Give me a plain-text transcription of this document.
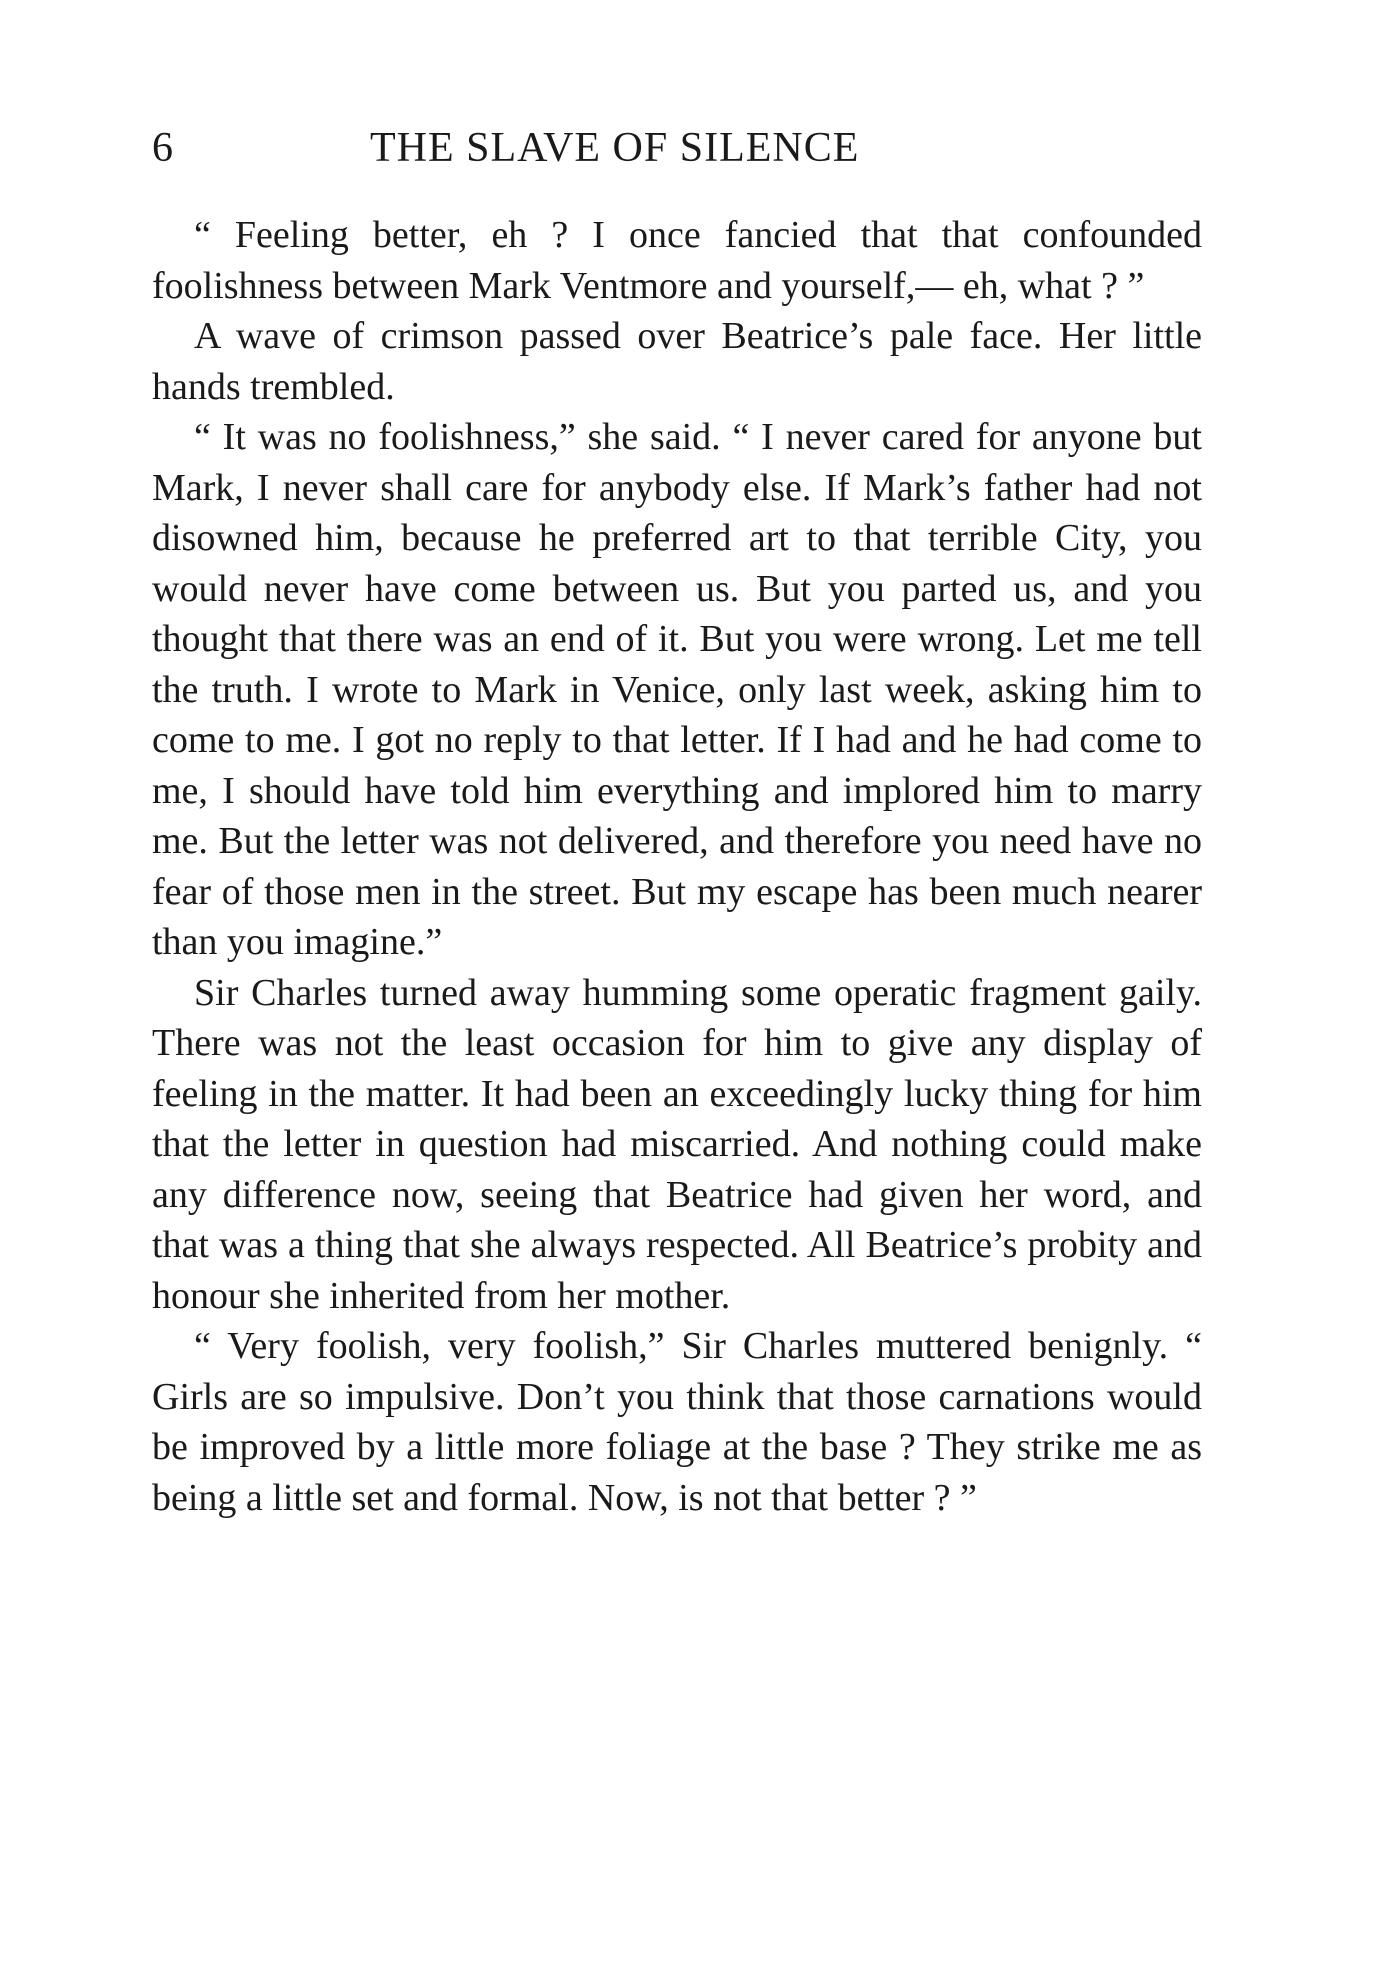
6	THE SLAVE OF SILENCE

“ Feeling better, eh ? I once fancied that that confounded foolishness between Mark Ventmore and yourself,— eh, what ? ”

A wave of crimson passed over Beatrice’s pale face. Her little hands trembled.

“ It was no foolishness,” she said. “ I never cared for anyone but Mark, I never shall care for anybody else. If Mark’s father had not disowned him, because he preferred art to that terrible City, you would never have come between us. But you parted us, and you thought that there was an end of it. But you were wrong. Let me tell the truth. I wrote to Mark in Venice, only last week, asking him to come to me. I got no reply to that letter. If I had and he had come to me, I should have told him everything and implored him to marry me. But the letter was not delivered, and therefore you need have no fear of those men in the street. But my escape has been much nearer than you imagine.”

Sir Charles turned away humming some operatic fragment gaily. There was not the least occasion for him to give any display of feeling in the matter. It had been an exceedingly lucky thing for him that the letter in question had miscarried. And nothing could make any difference now, seeing that Beatrice had given her word, and that was a thing that she always respected. All Beatrice’s probity and honour she inherited from her mother.

“ Very foolish, very foolish,” Sir Charles muttered benignly. “ Girls are so impulsive. Don’t you think that those carnations would be improved by a little more foliage at the base ? They strike me as being a little set and formal. Now, is not that better ? ”
